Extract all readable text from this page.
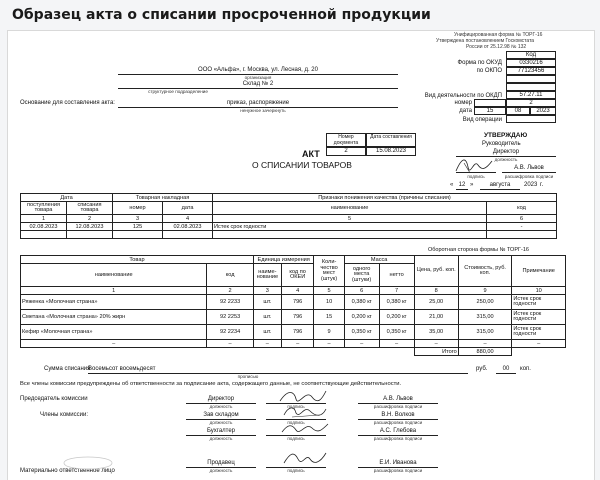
Образец акта о списании просроченной продукции
Унифицированная форма № ТОРГ-16
Утверждена постановлением Госкомстата
России от 25.12.98 № 132
Код
Форма по ОКУД	0330216
по ОКПО	77123456
ООО «Альфа», г. Москва, ул. Лесная, д. 20
организация
Склад № 2
структурное подразделение
Вид деятельности по ОКДП	57.27.11
Основание для составления акта:	приказ, распоряжение
ненужное зачеркнуть
номер	2
дата	15	08	2023
Вид операции
Номер документа
Дата составления
АКТ	2	15.08.2023
О СПИСАНИИ ТОВАРОВ
УТВЕРЖДАЮ
Руководитель
Директор
должность
А.В. Львов
подпись	расшифровка подписи
« 12 »	августа	2023 г.
Дата		Товарная накладная		Признаки понижения качества (причины списания)	
поступления товара	списания товара	номер	дата	наименование	код
1	2	3	4	5	6
02.08.2023	12.08.2023	125	02.08.2023	Истек срок годности	-

Оборотная сторона формы № ТОРГ-16
Товар		Единица измерения		Коли-чество мест (штук)	Масса		Цена, руб. коп.	Стоимость, руб. коп.	Примечание
наименование	код	наиме-нование	код по ОКЕИ		одного места (штуки)	нетто			
1	2	3	4	5	6	7	8	9	10
Ряженка «Молочная страна»	92 2233	шт.	796	10	0,380 кг	0,380 кг	25,00	250,00	Истек срок годности
Сметана «Молочная страна» 20% жирн	92 2253	шт.	796	15	0,200 кг	0,200 кг	21,00	315,00	Истек срок годности
Кефир «Молочная страна»	92 2234	шт.	796	9	0,350 кг	0,350 кг	35,00	315,00	Истек срок годности
–	–	–	–	–	–	–	–	–	–
							Итого	880,00	
Сумма списания
Восемьсот восемьдесят
прописью
руб.	00	коп.
Все члены комиссии предупреждены об ответственности за подписание акта, содержащего данные, не соответствующие действительности.
Председатель комиссии
Члены комиссии:
Материально ответственное лицо
Директор	А.В. Львов
должность	подпись	расшифровка подписи
Зав складом	В.Н. Волков
должность	подпись	расшифровка подписи
Бухгалтер	А.С. Глебова
должность	подпись	расшифровка подписи
Продавец	Е.И. Иванова
должность	подпись	расшифровка подписи
